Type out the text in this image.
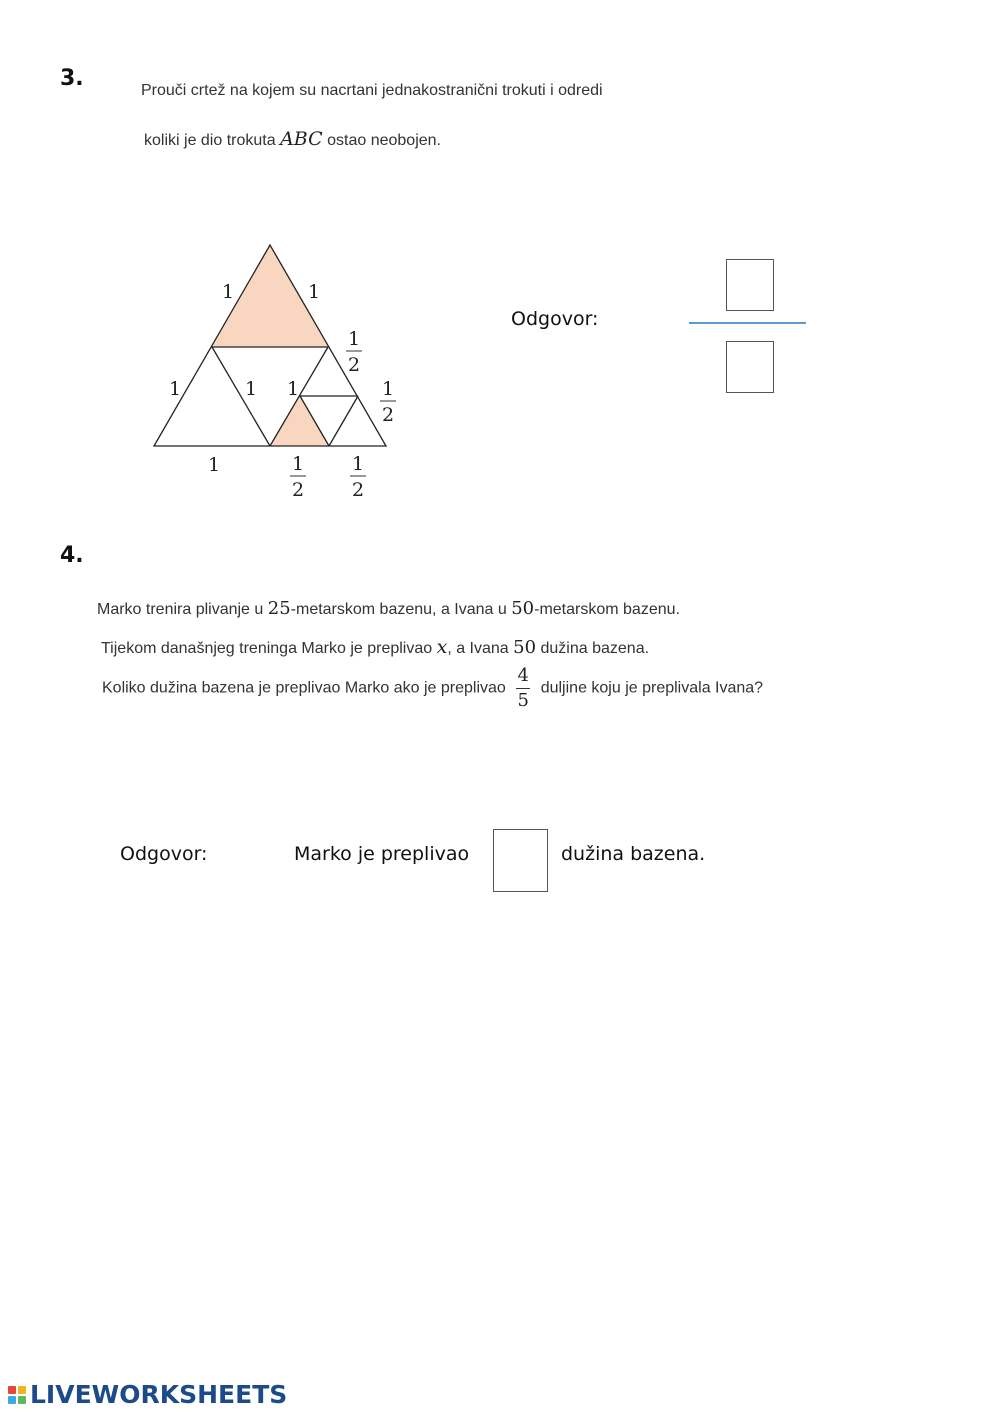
3.	Prouči crtež na kojem su nacrtani jednakostranični trokuti i odredi
koliki je dio trokuta ABC ostao neobojen.
1	1
1
2
1	1 1	1
2
1	1
2
1
2
Odgovor:
4.
Marko trenira plivanje u 25-metarskom bazenu, a Ivana u 50-metarskom bazenu.
Tijekom današnjeg treninga Marko je preplivao x, a Ivana 50 dužina bazena.
Koliko dužina bazena je preplivao Marko ako je preplivao $\frac{4}{5}$ duljine koju je preplivala Ivana?
Odgovor:	Marko je preplivao	dužina bazena.
LIVEWORKSHEETS
